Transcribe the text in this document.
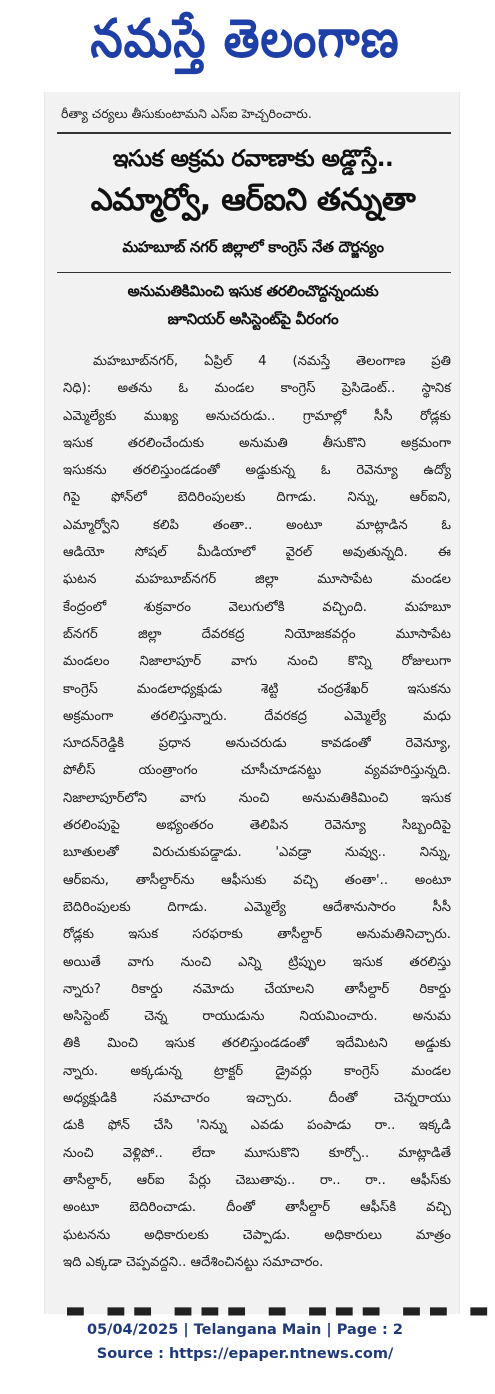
నమస్తే తెలంగాణ
రీత్యా చర్యలు తీసుకుంటామని ఎస్ఐ హెచ్చరించారు.
ఇసుక అక్రమ రవాణాకు అడ్డొస్తే..
ఎమ్మార్వో, ఆర్ఐని తన్నుతా
మహబూబ్ నగర్ జిల్లాలో కాంగ్రెస్ నేత దౌర్జన్యం
అనుమతికిమించి ఇసుక తరలించొద్దన్నందుకు
జూనియర్ అసిస్టెంట్‌పై వీరంగం
మహబూబ్‌నగర్, ఏప్రిల్ 4 (నమస్తే తెలంగాణ ప్రతి
నిధి): అతను ఓ మండల కాంగ్రెస్ ప్రెసిడెంట్.. స్థానిక
ఎమ్మెల్యేకు ముఖ్య అనుచరుడు.. గ్రామాల్లో సీసీ రోడ్లకు
ఇసుక తరలించేందుకు అనుమతి తీసుకొని అక్రమంగా
ఇసుకను తరలిస్తుండడంతో అడ్డుకున్న ఓ రెవెన్యూ ఉద్యో
గిపై ఫోన్‌లో బెదిరింపులకు దిగాడు. నిన్ను, ఆర్ఐని,
ఎమ్మార్వోని కలిపి తంతా.. అంటూ మాట్లాడిన ఓ
ఆడియో సోషల్ మీడియాలో వైరల్ అవుతున్నది. ఈ
ఘటన మహబూబ్‌నగర్ జిల్లా మూసాపేట మండల
కేంద్రంలో శుక్రవారం వెలుగులోకి వచ్చింది. మహబూ
బ్‌నగర్ జిల్లా దేవరకద్ర నియోజకవర్గం మూసాపేట
మండలం నిజాలాపూర్ వాగు నుంచి కొన్ని రోజులుగా
కాంగ్రెస్ మండలాధ్యక్షుడు శెట్టి చంద్రశేఖర్ ఇసుకను
అక్రమంగా తరలిస్తున్నారు. దేవరకద్ర ఎమ్మెల్యే మధు
సూదన్‌రెడ్డికి ప్రధాన అనుచరుడు కావడంతో రెవెన్యూ,
పోలీస్ యంత్రాంగం చూసీచూడనట్టు వ్యవహరిస్తున్నది.
నిజాలాపూర్‌లోని వాగు నుంచి అనుమతికిమించి ఇసుక
తరలింపుపై అభ్యంతరం తెలిపిన రెవెన్యూ సిబ్బందిపై
బూతులతో విరుచుకుపడ్డాడు. 'ఎవడ్రా నువ్వు.. నిన్ను,
ఆర్ఐను, తాసీల్దార్‌ను ఆఫీసుకు వచ్చి తంతా'.. అంటూ
బెదిరింపులకు దిగాడు. ఎమ్మెల్యే ఆదేశానుసారం సీసీ
రోడ్లకు ఇసుక సరఫరాకు తాసీల్దార్ అనుమతినిచ్చారు.
అయితే వాగు నుంచి ఎన్ని ట్రిప్పుల ఇసుక తరలిస్తు
న్నారు? రికార్డు నమోదు చేయాలని తాసీల్దార్ రికార్డు
అసిస్టెంట్ చెన్న రాయుడును నియమించారు. అనుమ
తికి మించి ఇసుక తరలిస్తుండడంతో ఇదేమిటని అడ్డుకు
న్నారు. అక్కడున్న ట్రాక్టర్ డ్రైవర్లు కాంగ్రెస్ మండల
అధ్యక్షుడికి సమాచారం ఇచ్చారు. దీంతో చెన్నరాయు
డుకి ఫోన్ చేసి 'నిన్ను ఎవడు పంపాడు రా.. ఇక్కడి
నుంచి వెళ్లిపో.. లేదా మూసుకొని కూర్చో.. మాట్లాడితే
తాసీల్దార్, ఆర్ఐ పేర్లు చెబుతావు.. రా.. రా.. ఆఫీస్‌కు
అంటూ బెదిరించాడు. దీంతో తాసీల్దార్ ఆఫీస్‌కి వచ్చి
ఘటనను అధికారులకు చెప్పాడు. అధికారులు మాత్రం
ఇది ఎక్కడా చెప్పవద్దని.. ఆదేశించినట్టు సమాచారం.
▬ ▬▬ ▬▬▬ ▬ ▬▬▬ ▬▬ ▬
05/04/2025 | Telangana Main | Page : 2
Source : https://epaper.ntnews.com/
